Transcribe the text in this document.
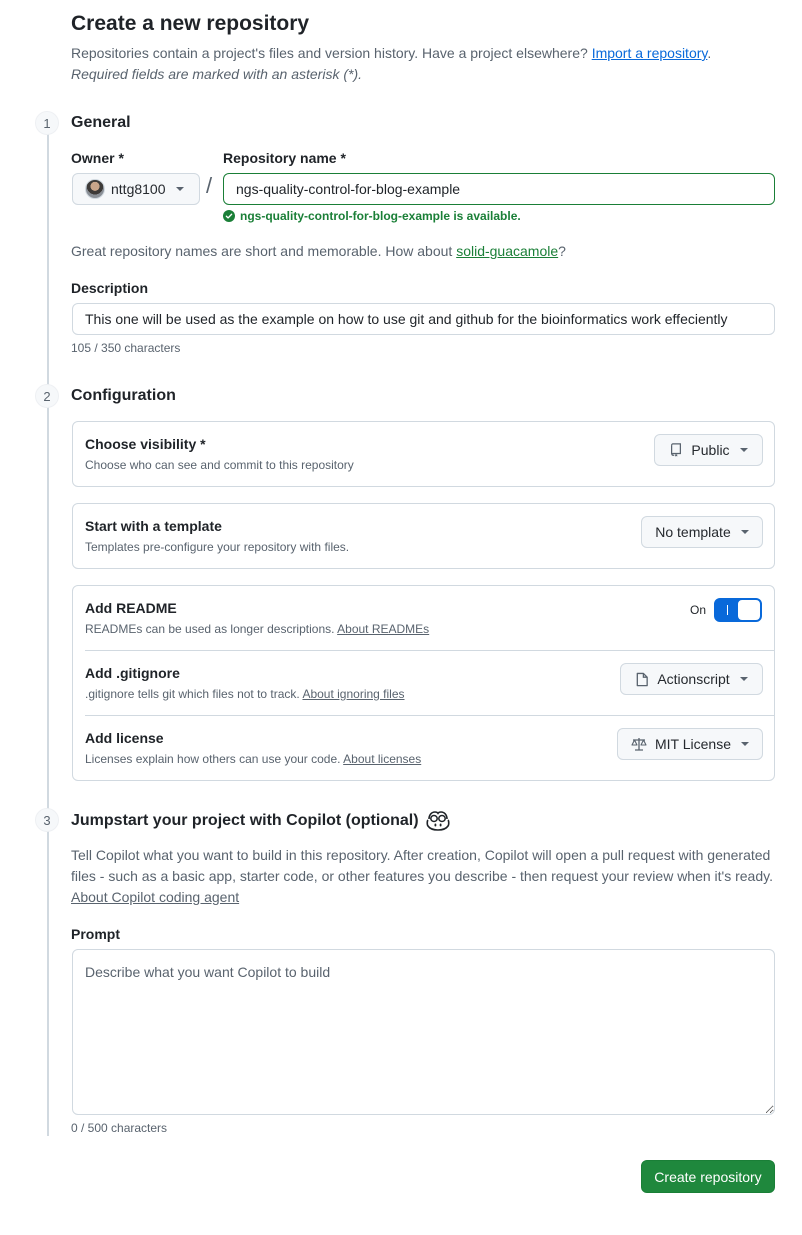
Create a new repository
Repositories contain a project's files and version history. Have a project elsewhere? Import a repository.
Required fields are marked with an asterisk (*).
1	General
Owner *
nttg8100 /
Repository name *
ngs-quality-control-for-blog-example
ngs-quality-control-for-blog-example is available.
Great repository names are short and memorable. How about solid-guacamole?
Description
This one will be used as the example on how to use git and github for the bioinformatics work effeciently
105 / 350 characters
2	Configuration
Choose visibility *
Choose who can see and commit to this repository
Public
Start with a template
Templates pre-configure your repository with files.
No template
Add README
READMEs can be used as longer descriptions. About READMEs
On
Add .gitignore
.gitignore tells git which files not to track. About ignoring files
Actionscript
Add license
Licenses explain how others can use your code. About licenses
MIT License
3	Jumpstart your project with Copilot (optional)
Tell Copilot what you want to build in this repository. After creation, Copilot will open a pull request with generated files - such as a basic app, starter code, or other features you describe - then request your review when it's ready.
About Copilot coding agent
Prompt
Describe what you want Copilot to build
0 / 500 characters
Create repository
